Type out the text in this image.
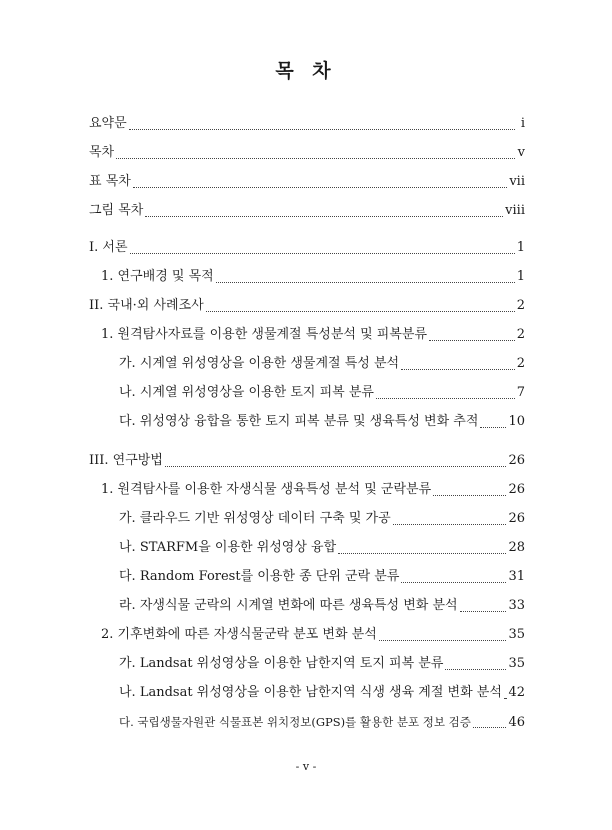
목 차
요약문	i
목차	v
표 목차	vii
그림 목차	viii
I. 서론	1
1. 연구배경 및 목적	1
II. 국내·외 사례조사	2
1. 원격탐사자료를 이용한 생물계절 특성분석 및 피복분류	2
가. 시계열 위성영상을 이용한 생물계절 특성 분석	2
나. 시계열 위성영상을 이용한 토지 피복 분류	7
다. 위성영상 융합을 통한 토지 피복 분류 및 생육특성 변화 추적 10
III. 연구방법	26
1. 원격탐사를 이용한 자생식물 생육특성 분석 및 군락분류	26
가. 클라우드 기반 위성영상 데이터 구축 및 가공	26
나. STARFM을 이용한 위성영상 융합	28
다. Random Forest를 이용한 종 단위 군락 분류	31
라. 자생식물 군락의 시계열 변화에 따른 생육특성 변화 분석	33
2. 기후변화에 따른 자생식물군락 분포 변화 분석	35
가. Landsat 위성영상을 이용한 남한지역 토지 피복 분류	35
나. Landsat 위성영상을 이용한 남한지역 식생 생육 계절 변화 분석 42
다. 국립생물자원관 식물표본 위치정보(GPS)를 활용한 분포 정보 검증	46
- v -
